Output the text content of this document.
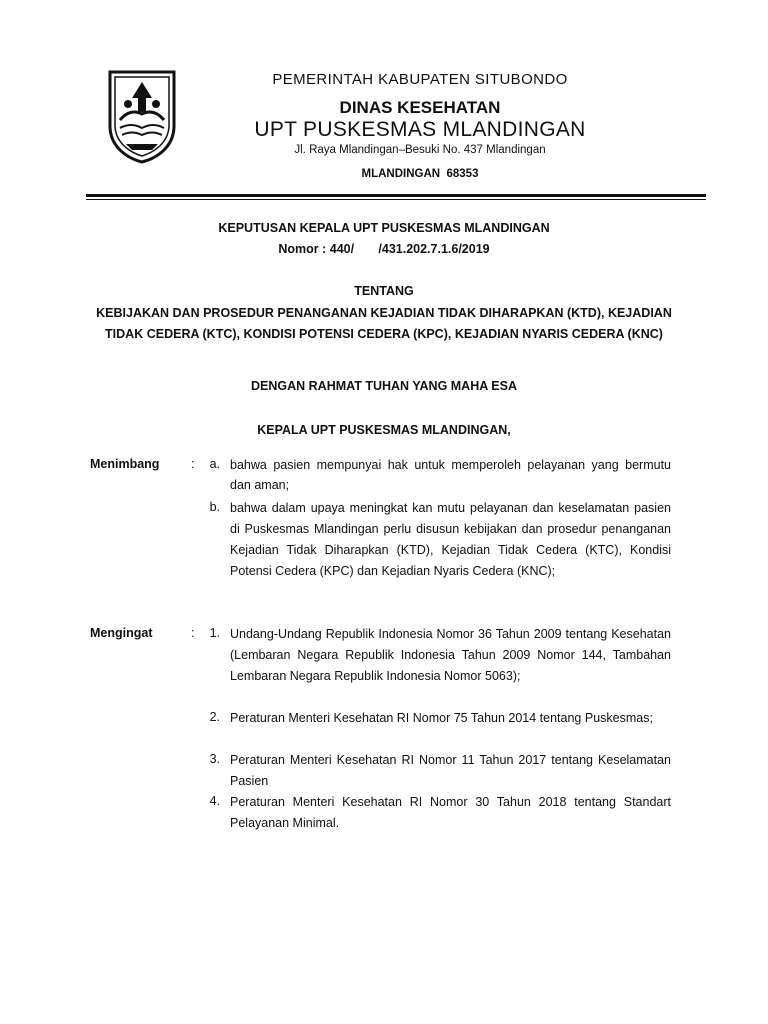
PEMERINTAH KABUPATEN SITUBONDO
DINAS KESEHATAN
UPT PUSKESMAS MLANDINGAN
Jl. Raya Mlandingan–Besuki No. 437 Mlandingan
MLANDINGAN  68353
KEPUTUSAN KEPALA UPT PUSKESMAS MLANDINGAN
Nomor : 440/       /431.202.7.1.6/2019
TENTANG
KEBIJAKAN DAN PROSEDUR PENANGANAN KEJADIAN TIDAK DIHARAPKAN (KTD), KEJADIAN TIDAK CEDERA (KTC), KONDISI POTENSI CEDERA (KPC), KEJADIAN NYARIS CEDERA (KNC)
DENGAN RAHMAT TUHAN YANG MAHA ESA
KEPALA UPT PUSKESMAS MLANDINGAN,
Menimbang	:	a. bahwa pasien mempunyai hak untuk memperoleh pelayanan yang bermutu dan aman;
b. bahwa dalam upaya meningkat kan mutu pelayanan dan keselamatan pasien di Puskesmas Mlandingan perlu disusun kebijakan dan prosedur penanganan Kejadian Tidak Diharapkan (KTD), Kejadian Tidak Cedera (KTC), Kondisi Potensi Cedera (KPC) dan Kejadian Nyaris Cedera (KNC);
Mengingat	:	1. Undang-Undang Republik Indonesia Nomor 36 Tahun 2009 tentang Kesehatan (Lembaran Negara Republik Indonesia Tahun 2009 Nomor 144, Tambahan Lembaran Negara Republik Indonesia Nomor 5063);
2. Peraturan Menteri Kesehatan RI Nomor 75 Tahun 2014 tentang Puskesmas;
3. Peraturan Menteri Kesehatan RI Nomor 11 Tahun 2017 tentang Keselamatan Pasien
4. Peraturan Menteri Kesehatan RI Nomor 30 Tahun 2018 tentang Standart Pelayanan Minimal.
